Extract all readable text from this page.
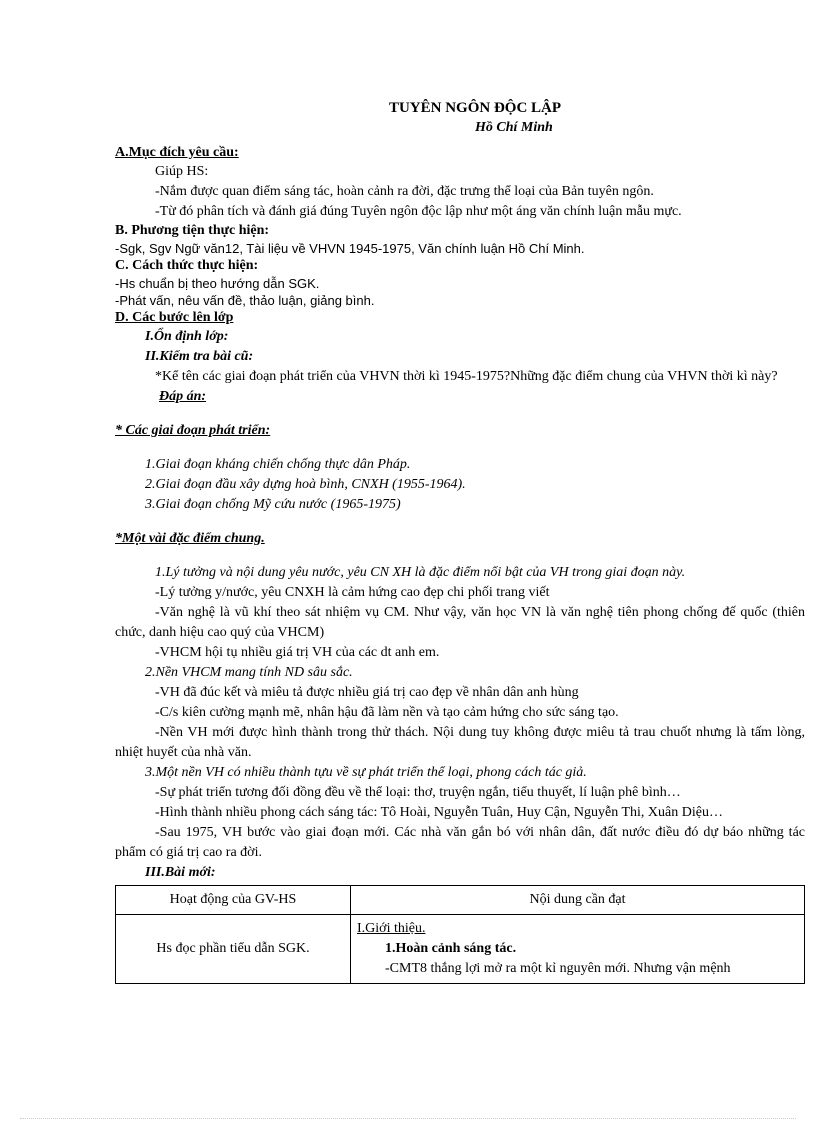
TUYÊN NGÔN ĐỘC LẬP

Hồ Chí Minh

A.Mục đích yêu cầu:

Giúp HS:

-Nắm được quan điểm sáng tác, hoàn cảnh ra đời, đặc trưng thể loại của Bản tuyên ngôn.

-Từ đó phân tích và đánh giá đúng Tuyên ngôn độc lập như một áng văn chính luận mẫu mực.

B. Phương tiện thực hiện:

-Sgk, Sgv Ngữ văn12, Tài liệu về VHVN 1945-1975, Văn chính luận Hồ Chí Minh.

C. Cách thức thực hiện:

-Hs chuẩn bị theo hướng dẫn SGK.

-Phát vấn, nêu vấn đề, thảo luận, giảng bình.

D. Các bước lên lớp

I.Ổn định lớp:

II.Kiểm tra bài cũ:

*Kể tên các giai đoạn phát triển của VHVN thời kì 1945-1975?Những đặc điểm chung của VHVN thời kì này?

Đáp án:

* Các giai đoạn phát triển:

1.Giai đoạn kháng chiến chống thực dân Pháp.

2.Giai đoạn đầu xây dựng hoà bình, CNXH (1955-1964).

3.Giai đoạn chống Mỹ cứu nước (1965-1975)

*Một vài đặc điểm chung.

1.Lý tưởng và nội dung yêu nước, yêu CN XH là đặc điểm nổi bật của VH trong giai đoạn này.

-Lý tưởng y/nước, yêu CNXH là cảm hứng cao đẹp chi phối trang viết

-Văn nghệ là vũ khí theo sát nhiệm vụ CM. Như vậy, văn học VN là văn nghệ tiên phong chống đế quốc (thiên chức, danh hiệu cao quý của VHCM)

-VHCM hội tụ nhiều giá trị VH của các dt anh em.

2.Nền VHCM mang tính ND sâu sắc.

-VH đã đúc kết và miêu tả được nhiều giá trị cao đẹp về nhân dân anh hùng

-C/s kiên cường mạnh mẽ, nhân hậu đã làm nền và tạo cảm hứng cho sức sáng tạo.

-Nền VH mới được hình thành trong thử thách. Nội dung tuy không được miêu tả trau chuốt nhưng là tấm lòng, nhiệt huyết của nhà văn.

3.Một nền VH có nhiều thành tựu về sự phát triển thể loại, phong cách tác giả.

-Sự phát triển tương đối đồng đều về thể loại: thơ, truyện ngắn, tiểu thuyết, lí luận phê bình…

-Hình thành nhiều phong cách sáng tác: Tô Hoài, Nguyễn Tuân, Huy Cận, Nguyễn Thi, Xuân Diệu…

-Sau 1975, VH bước vào giai đoạn mới. Các nhà văn gắn bó với nhân dân, đất nước điều đó dự báo những tác phẩm có giá trị cao ra đời.

III.Bài mới:

Hoạt động của GV-HS	Nội dung cần đạt
Hs đọc phần tiểu dẫn SGK.	I.Giới thiệu.
1.Hoàn cảnh sáng tác.
-CMT8 thắng lợi mở ra một kỉ nguyên mới. Nhưng vận mệnh
